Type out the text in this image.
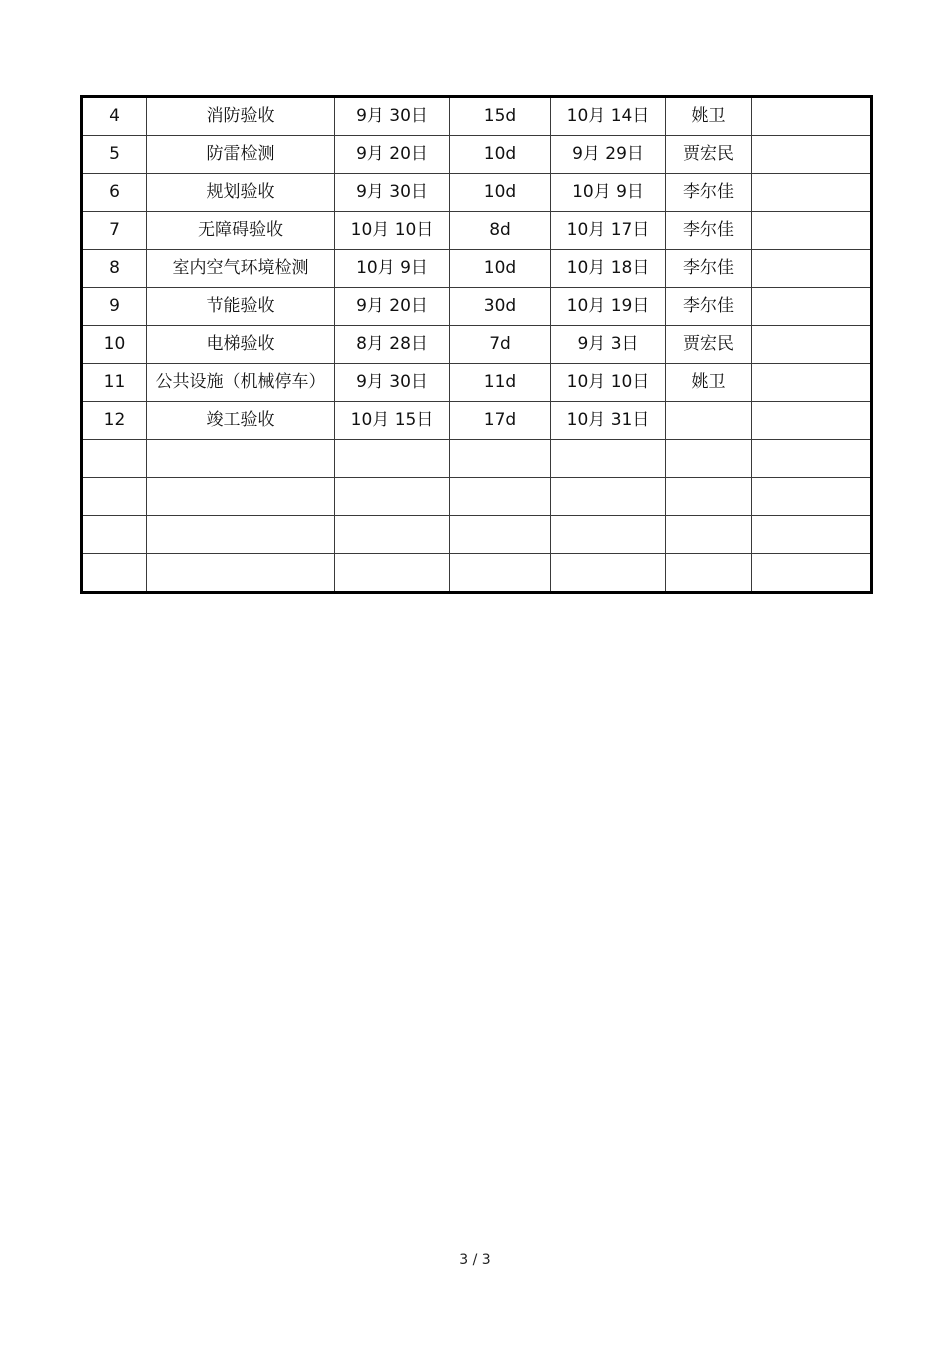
4	消防验收	9月 30日	15d	10月 14日	姚卫	
5	防雷检测	9月 20日	10d	9月 29日	贾宏民	
6	规划验收	9月 30日	10d	10月 9日	李尔佳	
7	无障碍验收	10月 10日	8d	10月 17日	李尔佳	
8	室内空气环境检测	10月 9日	10d	10月 18日	李尔佳	
9	节能验收	9月 20日	30d	10月 19日	李尔佳	
10	电梯验收	8月 28日	7d	9月 3日	贾宏民	
11	公共设施（机械停车）	9月 30日	11d	10月 10日	姚卫	
12	竣工验收	10月 15日	17d	10月 31日		

3 / 3
